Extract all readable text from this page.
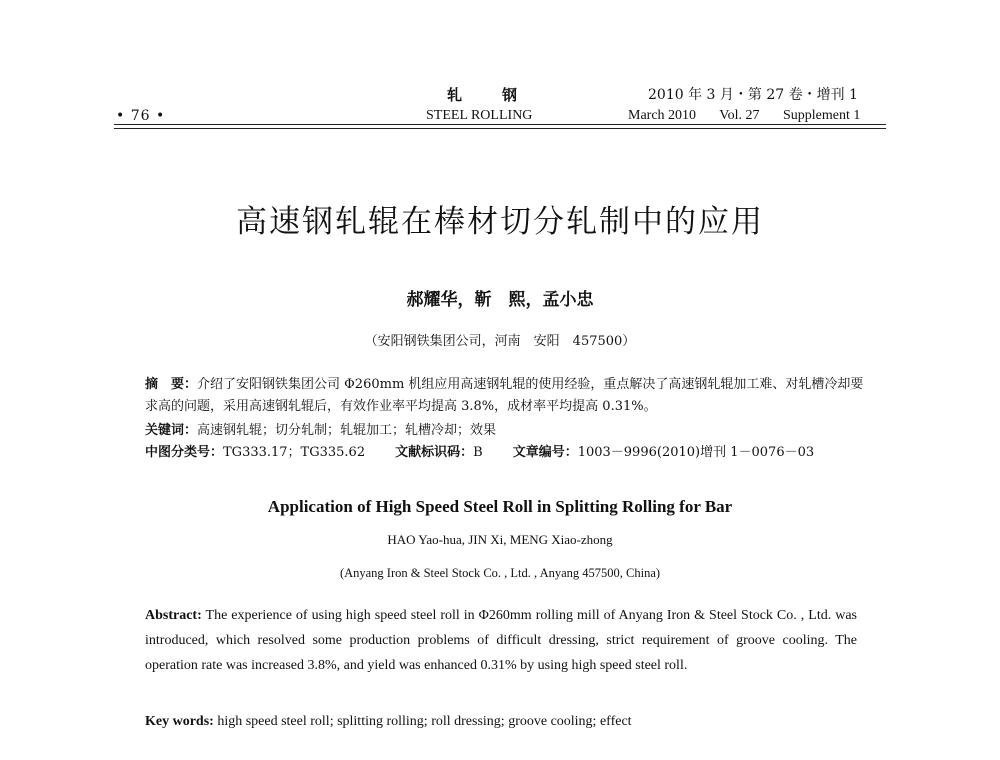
• 76 •
轧钢
STEEL ROLLING
2010 年 3 月・第 27 卷・增刊 1
March 2010 Vol. 27 Supplement 1
高速钢轧辊在棒材切分轧制中的应用
郝耀华，靳　熙，孟小忠
（安阳钢铁集团公司，河南　安阳　457500）
摘　要：介绍了安阳钢铁集团公司 Φ260mm 机组应用高速钢轧辊的使用经验，重点解决了高速钢轧辊加工难、对轧槽冷却要求高的问题，采用高速钢轧辊后，有效作业率平均提高 3.8%，成材率平均提高 0.31%。
关键词：高速钢轧辊；切分轧制；轧辊加工；轧槽冷却；效果
中图分类号：TG333.17；TG335.62 文献标识码：B 文章编号：1003－9996(2010)增刊 1－0076－03
Application of High Speed Steel Roll in Splitting Rolling for Bar
HAO Yao-hua, JIN Xi, MENG Xiao-zhong
(Anyang Iron & Steel Stock Co. , Ltd. , Anyang 457500, China)
Abstract: The experience of using high speed steel roll in Φ260mm rolling mill of Anyang Iron & Steel Stock Co. , Ltd. was introduced, which resolved some production problems of difficult dressing, strict requirement of groove cooling. The operation rate was increased 3.8%, and yield was enhanced 0.31% by using high speed steel roll.
Key words: high speed steel roll; splitting rolling; roll dressing; groove cooling; effect
